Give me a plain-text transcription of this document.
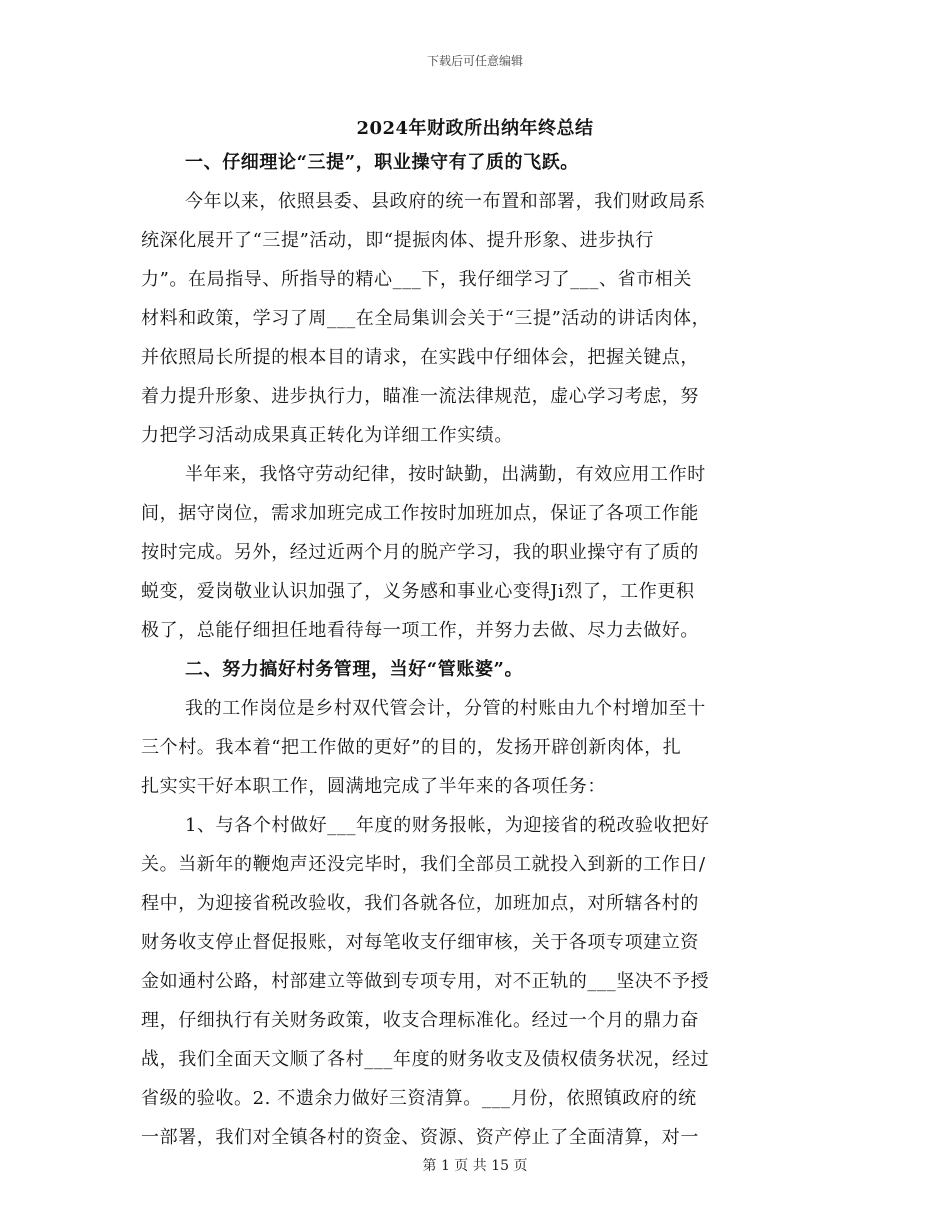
下载后可任意编辑
2024年财政所出纳年终总结
一、仔细理论“三提”，职业操守有了质的飞跃。
今年以来，依照县委、县政府的统一布置和部署，我们财政局系
统深化展开了“三提”活动，即“提振肉体、提升形象、进步执行
力”。在局指导、所指导的精心___下，我仔细学习了___、省市相关
材料和政策，学习了周___在全局集训会关于“三提”活动的讲话肉体，
并依照局长所提的根本目的请求，在实践中仔细体会，把握关键点，
着力提升形象、进步执行力，瞄准一流法律规范，虚心学习考虑，努
力把学习活动成果真正转化为详细工作实绩。
半年来，我恪守劳动纪律，按时缺勤，出满勤，有效应用工作时
间，据守岗位，需求加班完成工作按时加班加点，保证了各项工作能
按时完成。另外，经过近两个月的脱产学习，我的职业操守有了质的
蜕变，爱岗敬业认识加强了，义务感和事业心变得Ji烈了，工作更积
极了，总能仔细担任地看待每一项工作，并努力去做、尽力去做好。
二、努力搞好村务管理，当好“管账婆”。
我的工作岗位是乡村双代管会计，分管的村账由九个村增加至十
三个村。我本着“把工作做的更好”的目的，发扬开辟创新肉体，扎
扎实实干好本职工作，圆满地完成了半年来的各项任务：
1、与各个村做好___年度的财务报帐，为迎接省的税改验收把好
关。当新年的鞭炮声还没完毕时，我们全部员工就投入到新的工作日/
程中，为迎接省税改验收，我们各就各位，加班加点，对所辖各村的
财务收支停止督促报账，对每笔收支仔细审核，关于各项专项建立资
金如通村公路，村部建立等做到专项专用，对不正轨的___坚决不予授
理，仔细执行有关财务政策，收支合理标准化。经过一个月的鼎力奋
战，我们全面天文顺了各村___年度的财务收支及债权债务状况，经过
省级的验收。2. 不遗余力做好三资清算。___月份，依照镇政府的统
一部署，我们对全镇各村的资金、资源、资产停止了全面清算，对一
第 1 页 共 15 页
